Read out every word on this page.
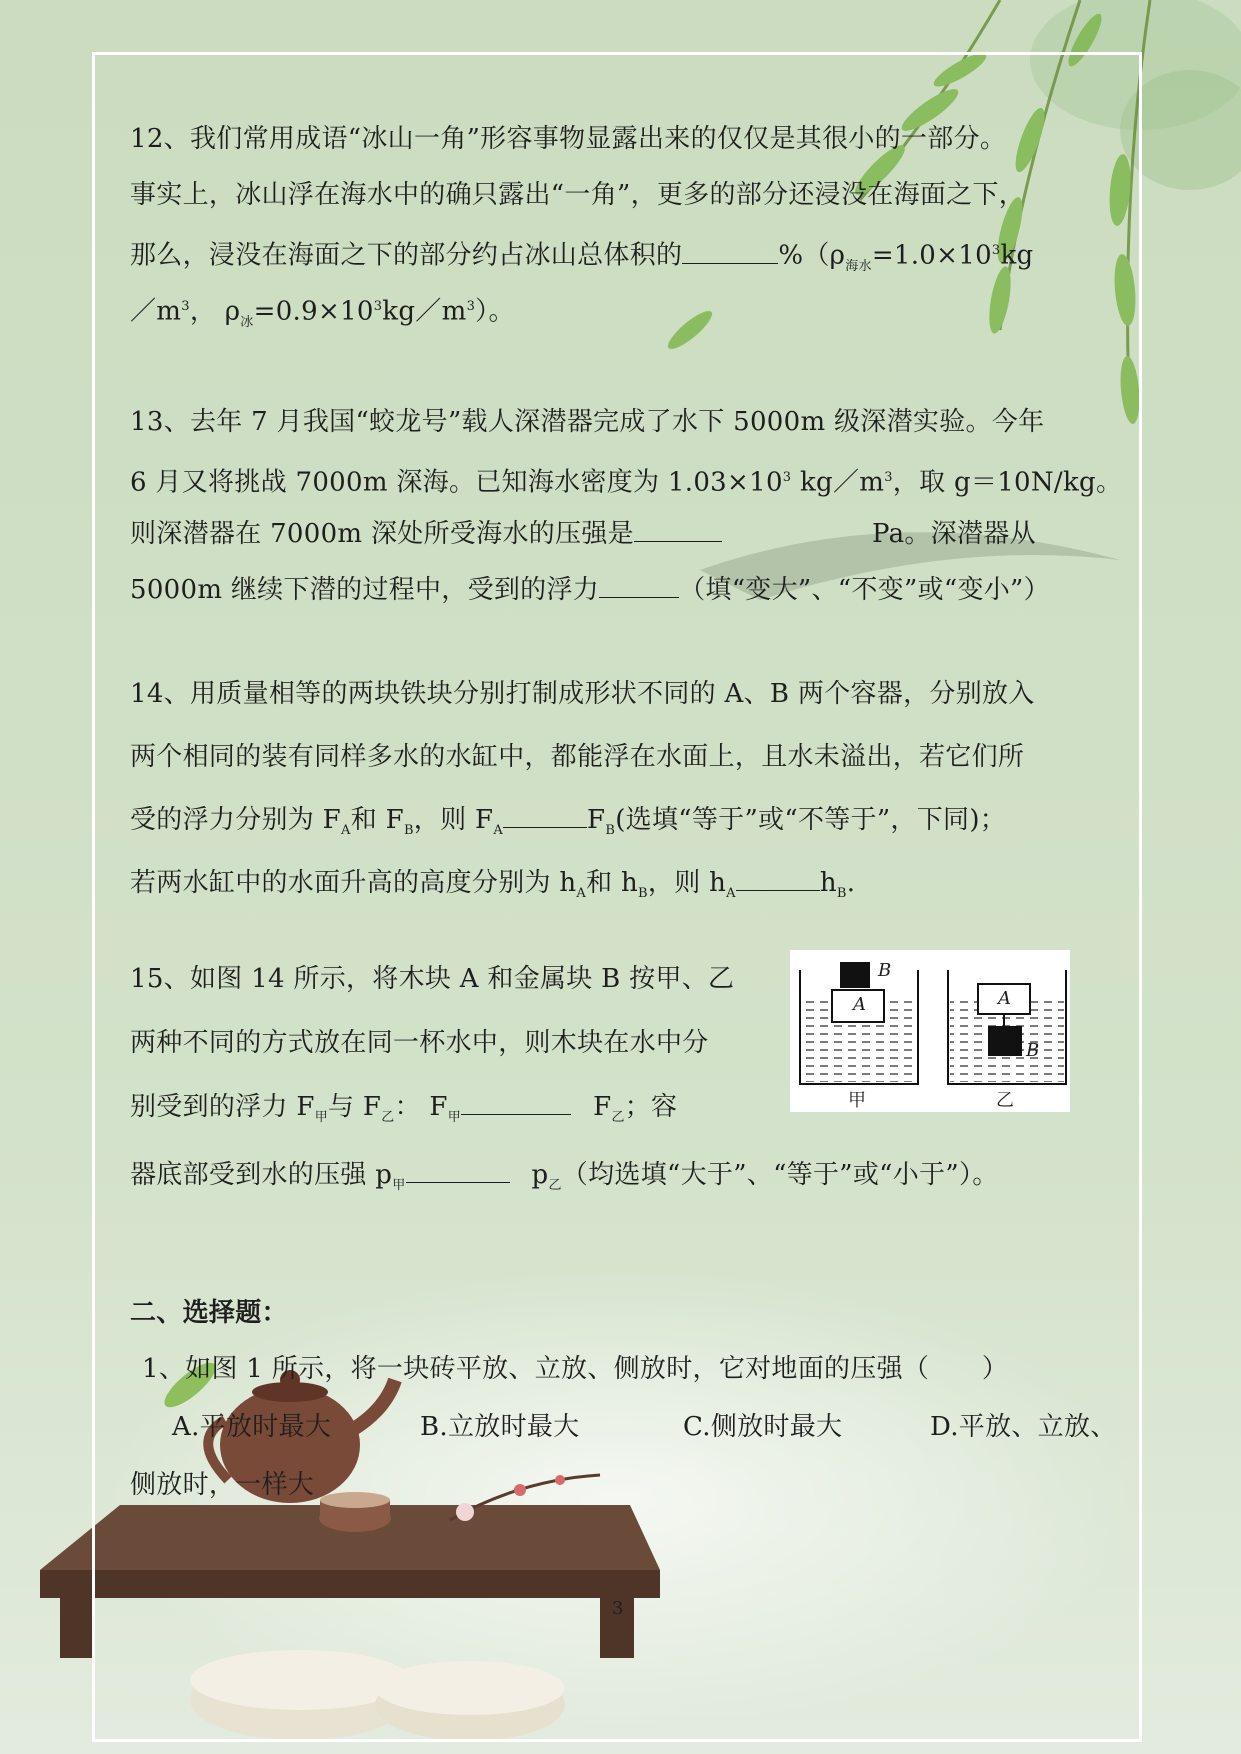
12、我们常用成语“冰山一角”形容事物显露出来的仅仅是其很小的一部分。
事实上，冰山浮在海水中的确只露出“一角”，更多的部分还浸没在海面之下，
那么，浸没在海面之下的部分约占冰山总体积的	$\%(\rho_{海水}=1.0\times 10^3kg$
$/m^3$， $\rho_冰=0.9\times 10^3kg/m^3$）。
13、去年 7 月我国“蛟龙号”载人深潜器完成了水下 5000m 级深潜实验。今年
6 月又将挑战 7000m 深海。已知海水密度为 $1.03\times 10^3$ $kg/m^3$，取 g＝10N/kg。
则深潜器在 7000m 深处所受海水的压强是	Pa。深潜器从
5000m 继续下潜的过程中，受到的浮力	（填“变大”、“不变”或“变小”）
14、用质量相等的两块铁块分别打制成形状不同的 A、B 两个容器，分别放入
两个相同的装有同样多水的水缸中，都能浮在水面上，且水未溢出，若它们所
受的浮力分别为 $F_A$和 $F_B$，则 $F_A$	$F_B$(选填“等于”或“不等于”，下同)；
若两水缸中的水面升高的高度分别为 $h_A$和 $h_B$，则 $h_A$	$h_B$.
15、如图 14 所示，将木块 A 和金属块 B 按甲、乙
两种不同的方式放在同一杯水中，则木块在水中分
别受到的浮力 $F_甲$与 $F_乙$： $F_甲$	$F_乙$；容
器底部受到水的压强 $p_甲$	$p_乙$（均选填“大于”、“等于”或“小于”）。
二、选择题：
1、如图 1 所示，将一块砖平放、立放、侧放时，它对地面的压强（　　）
A.平放时最大	B.立放时最大	C.侧放时最大	D.平放、立放、
侧放时，一样大
A
B
A
B
甲	乙
3
